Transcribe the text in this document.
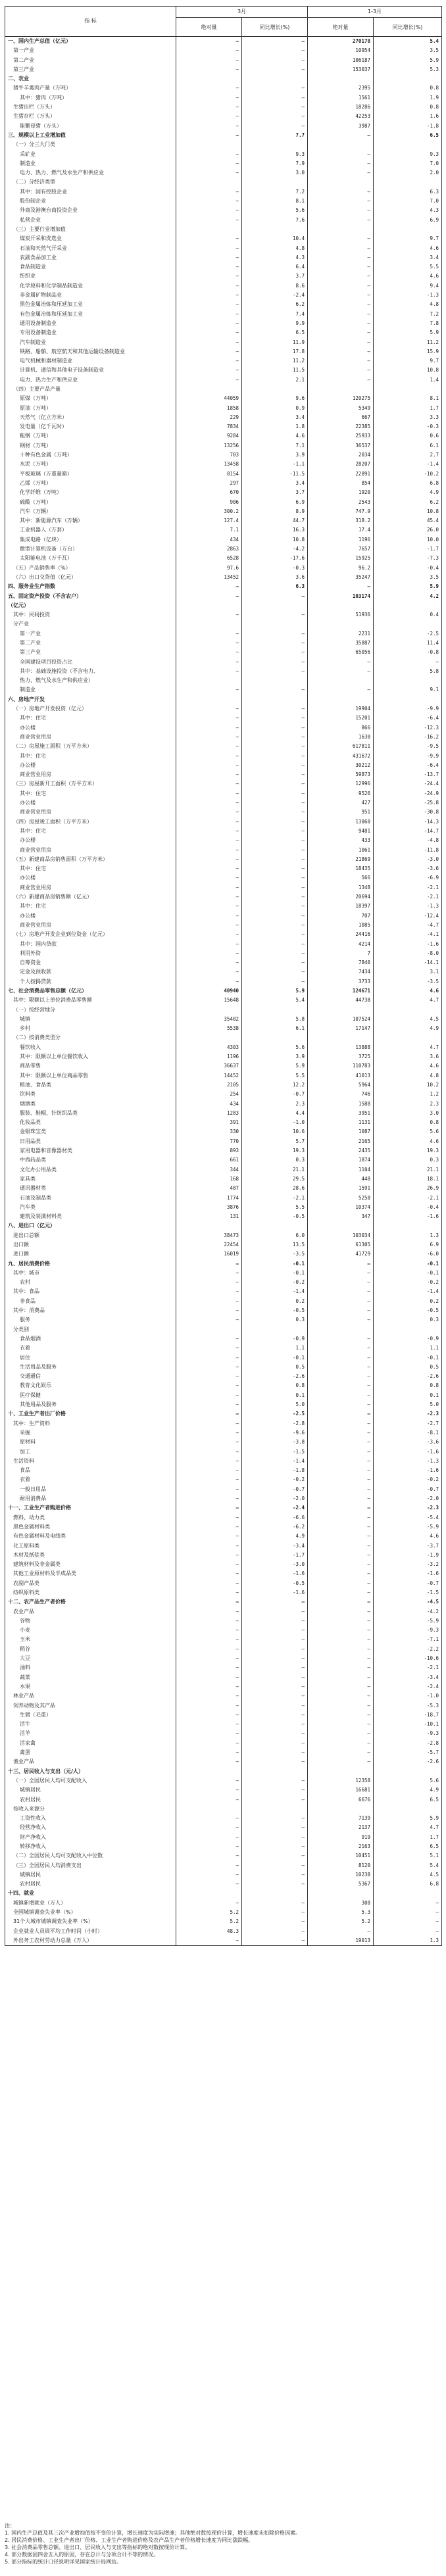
指 标	3月		1-3月	
	绝对量	同比增长(%)	绝对量	同比增长(%)
一、国内生产总值（亿元）	—	—	270178	5.4
第一产业	—	—	10954	3.5
第二产业	—	—	106187	5.9
第三产业	—	—	153037	5.3
二、农业				
猪牛羊禽肉产量（万吨）	—	—	2395	0.8
其中：猪肉（万吨）	—	—	1561	1.9
生猪出栏（万头）	—	—	18286	0.8
生猪存栏（万头）	—	—	42253	1.6
能繁母猪（万头）	—	—	3987	-1.8
三、规模以上工业增加值	—	7.7	—	6.5
（一）分三大门类				
采矿业	—	9.3	—	9.3
制造业	—	7.9	—	7.0
电力、热力、燃气及水生产和供应业	—	3.0	—	2.0
（二）分经济类型				
其中：国有控股企业	—	7.2	—	6.3
股份制企业	—	8.1	—	7.0
外商及港澳台商投资企业	—	5.6	—	4.3
私营企业	—	7.6	—	6.9
（三）主要行业增加值				
煤炭开采和洗选业	—	10.4	—	9.7
石油和天然气开采业	—	4.8	—	4.6
农副食品加工业	—	4.3	—	3.4
食品制造业	—	6.4	—	5.5
纺织业	—	3.7	—	4.6
化学原料和化学制品制造业	—	8.6	—	9.4
非金属矿物制品业	—	-2.4	—	-1.3
黑色金属冶炼和压延加工业	—	6.2	—	4.8
有色金属冶炼和压延加工业	—	7.4	—	7.2
通用设备制造业	—	9.9	—	7.8
专用设备制造业	—	6.5	—	5.9
汽车制造业	—	11.9	—	11.2
铁路、船舶、航空航天和其他运输设备制造业	—	17.8	—	15.9
电气机械和器材制造业	—	11.2	—	9.7
计算机、通信和其他电子设备制造业	—	11.5	—	10.8
电力、热力生产和供应业	—	2.1	—	1.4
（四）主要产品产量				
原煤（万吨）	44059	9.6	120275	8.1
原油（万吨）	1858	0.9	5349	1.7
天然气（亿立方米）	229	3.4	667	3.3
发电量（亿千瓦时）	7834	1.8	22385	-0.3
粗钢（万吨）	9284	4.6	25933	0.6
钢材（万吨）	13256	7.1	36537	6.1
十种有色金属（万吨）	703	3.9	2034	2.7
水泥（万吨）	13458	-1.1	28207	-1.4
平板玻璃（万重量箱）	8154	-11.5	22891	-10.2
乙烯（万吨）	297	3.4	854	6.8
化学纤维（万吨）	670	3.7	1920	4.9
硫酸（万吨）	906	6.9	2543	6.2
汽车（万辆）	300.2	8.9	747.9	10.8
其中：新能源汽车（万辆）	127.4	44.7	318.2	45.4
工业机器人（万套）	7.1	16.3	17.4	26.0
集成电路（亿块）	434	10.8	1196	10.0
微型计算机设备（万台）	2863	-4.2	7657	-1.7
太阳能电池（万千瓦）	6528	-17.6	15925	-7.3
（五）产品销售率（%）	97.6	-0.3	96.2	-0.4
（六）出口交货值（亿元）	13452	3.6	35247	3.5
四、服务业生产指数	—	6.3	—	5.9
五、固定资产投资（不含农户）	—	—	103174	4.2
（亿元）				
其中：民间投资	—	—	51936	0.4
分产业				
第一产业	—	—	2231	-2.5
第二产业	—	—	35887	11.4
第三产业	—	—	65056	-0.8
全国建设项目投资占比	—	—	—	—
其中：基础设施投资（不含电力、	—	—	—	5.8
热力、燃气及水生产和供应业）				
制造业	—	—	—	9.1
六、房地产开发				
（一）房地产开发投资（亿元）	—	—	19904	-9.9
其中：住宅	—	—	15201	-6.4
办公楼	—	—	866	-12.3
商业营业用房	—	—	1630	-16.2
（二）房屋施工面积（万平方米）	—	—	617811	-9.5
其中：住宅	—	—	431672	-9.9
办公楼	—	—	30212	-6.4
商业营业用房	—	—	59873	-13.7
（三）房屋新开工面积（万平方米）	—	—	12996	-24.4
其中：住宅	—	—	9526	-24.9
办公楼	—	—	427	-25.8
商业营业用房	—	—	951	-30.8
（四）房屋竣工面积（万平方米）	—	—	13060	-14.3
其中：住宅	—	—	9481	-14.7
办公楼	—	—	433	-4.8
商业营业用房	—	—	1061	-11.8
（五）新建商品房销售面积（万平方米）	—	—	21869	-3.0
其中：住宅	—	—	18435	-3.6
办公楼	—	—	566	-6.9
商业营业用房	—	—	1348	-2.1
（六）新建商品房销售额（亿元）	—	—	20694	-2.1
其中：住宅	—	—	18397	-1.3
办公楼	—	—	707	-12.4
商业营业用房	—	—	1085	-4.7
（七）房地产开发企业到位资金（亿元）	—	—	24416	-4.1
其中：国内贷款	—	—	4214	-1.6
利用外资	—	—	7	-8.0
自筹资金	—	—	7840	-14.1
定金及预收款	—	—	7434	3.1
个人按揭贷款	—	—	3733	-3.5
七、社会消费品零售总额（亿元）	40940	5.9	124671	4.6
其中：限额以上单位消费品零售额	15648	5.4	44738	4.7
（一）按经营地分				
城镇	35402	5.8	107524	4.5
乡村	5538	6.1	17147	4.9
（二）按消费类型分				
餐饮收入	4303	5.6	13888	4.7
其中：限额以上单位餐饮收入	1196	3.9	3725	3.6
商品零售	36637	5.9	110783	4.6
其中：限额以上单位商品零售	14452	5.5	41013	4.8
粮油、食品类	2105	12.2	5964	10.2
饮料类	254	-0.7	746	1.2
烟酒类	434	2.3	1588	2.3
服装、鞋帽、针纺织品类	1283	4.4	3951	3.0
化妆品类	391	-1.0	1131	0.8
金银珠宝类	330	10.6	1087	5.6
日用品类	770	5.7	2165	4.6
家用电器和音像器材类	893	19.3	2435	19.3
中西药品类	661	0.3	1874	0.3
文化办公用品类	344	21.1	1104	21.1
家具类	168	29.5	448	18.1
通讯器材类	487	28.6	1591	26.9
石油及制品类	1774	-2.1	5258	-2.1
汽车类	3876	5.5	10374	-0.4
建筑及装潢材料类	131	-0.5	347	-1.6
八、进出口（亿元）				
进出口总额	38473	6.0	103034	1.3
出口额	22454	13.5	61305	6.9
进口额	16019	-3.5	41729	-6.0
九、居民消费价格	—	-0.1	—	-0.1
其中：城市	—	-0.1	—	-0.1
农村	—	-0.2	—	-0.2
其中：食品	—	-1.4	—	-1.4
非食品	—	0.2	—	0.2
其中：消费品	—	-0.5	—	-0.5
服务	—	0.3	—	0.3
分类别				
食品烟酒	—	-0.9	—	-0.9
衣着	—	1.1	—	1.1
居住	—	-0.1	—	-0.1
生活用品及服务	—	0.5	—	0.5
交通通信	—	-2.6	—	-2.6
教育文化娱乐	—	0.8	—	0.8
医疗保健	—	0.1	—	0.1
其他用品及服务	—	5.0	—	5.0
十、工业生产者出厂价格	—	-2.5	—	-2.3
其中：生产资料	—	-2.8	—	-2.7
采掘	—	-9.6	—	-8.1
原材料	—	-3.8	—	-3.6
加工	—	-1.5	—	-1.6
生活资料	—	-1.4	—	-1.3
食品	—	-1.8	—	-1.6
衣着	—	-0.2	—	-0.2
一般日用品	—	-0.7	—	-0.7
耐用消费品	—	-2.0	—	-2.0
十一、工业生产者购进价格	—	-2.4	—	-2.3
燃料、动力类	—	-6.6	—	-5.4
黑色金属材料类	—	-6.2	—	-5.9
有色金属材料及电线类	—	4.9	—	4.6
化工原料类	—	-3.4	—	-3.7
木材及纸浆类	—	-1.7	—	-1.9
建筑材料及非金属类	—	-3.0	—	-3.2
其他工业原材料及半成品类	—	-1.6	—	-1.6
农副产品类	—	-0.5	—	-0.7
纺织原料类	—	-1.6	—	-1.5
十二、农产品生产者价格	—	—	—	-4.5
农业产品	—	—	—	-4.2
谷物	—	—	—	-5.9
小麦	—	—	—	-9.3
玉米	—	—	—	-7.1
稻谷	—	—	—	-2.2
大豆	—	—	—	-10.6
油料	—	—	—	-2.1
蔬菜	—	—	—	-3.4
水果	—	—	—	-2.4
林业产品	—	—	—	-1.0
饲养动物及其产品	—	—	—	-5.3
生猪（毛重）	—	—	—	-18.7
活牛	—	—	—	-10.1
活羊	—	—	—	-9.3
活家禽	—	—	—	-2.8
禽蛋	—	—	—	-5.7
渔业产品	—	—	—	-2.6
十三、居民收入与支出（元/人）				
（一）全国居民人均可支配收入	—	—	12358	5.6
城镇居民	—	—	16681	4.9
农村居民	—	—	6676	6.5
按收入来源分				
工资性收入	—	—	7139	5.9
经营净收入	—	—	2137	4.7
财产净收入	—	—	919	1.7
转移净收入	—	—	2163	6.5
（二）全国居民人均可支配收入中位数	—	—	10451	5.1
（三）全国居民人均消费支出	—	—	8120	5.4
城镇居民	—	—	10238	4.5
农村居民	—	—	5367	6.8
十四、就业				
城镇新增就业（万人）	—	—	308	—
全国城镇调查失业率（%）	5.2	—	5.3	—
31个大城市城镇调查失业率（%）	5.2	—	5.2	—
企业就业人员周平均工作时间（小时）	48.3	—	—	—
外出务工农村劳动力总量（万人）	—	—	19013	1.3
注：
1. 国内生产总值及其三次产业增加值按不变价计算，增长速度为实际增速；其他绝对数按现价计算，增长速度未扣除价格因素。
2. 居民消费价格、工业生产者出厂价格、工业生产者购进价格及农产品生产者价格增长速度为同比涨跌幅。
3. 社会消费品零售总额、进出口、居民收入与支出等指标的绝对数按现价计算。
4. 部分数据因四舍五入的原因，存在总计与分项合计不等的情况。
5. 部分指标的统计口径说明详见国家统计局网站。
